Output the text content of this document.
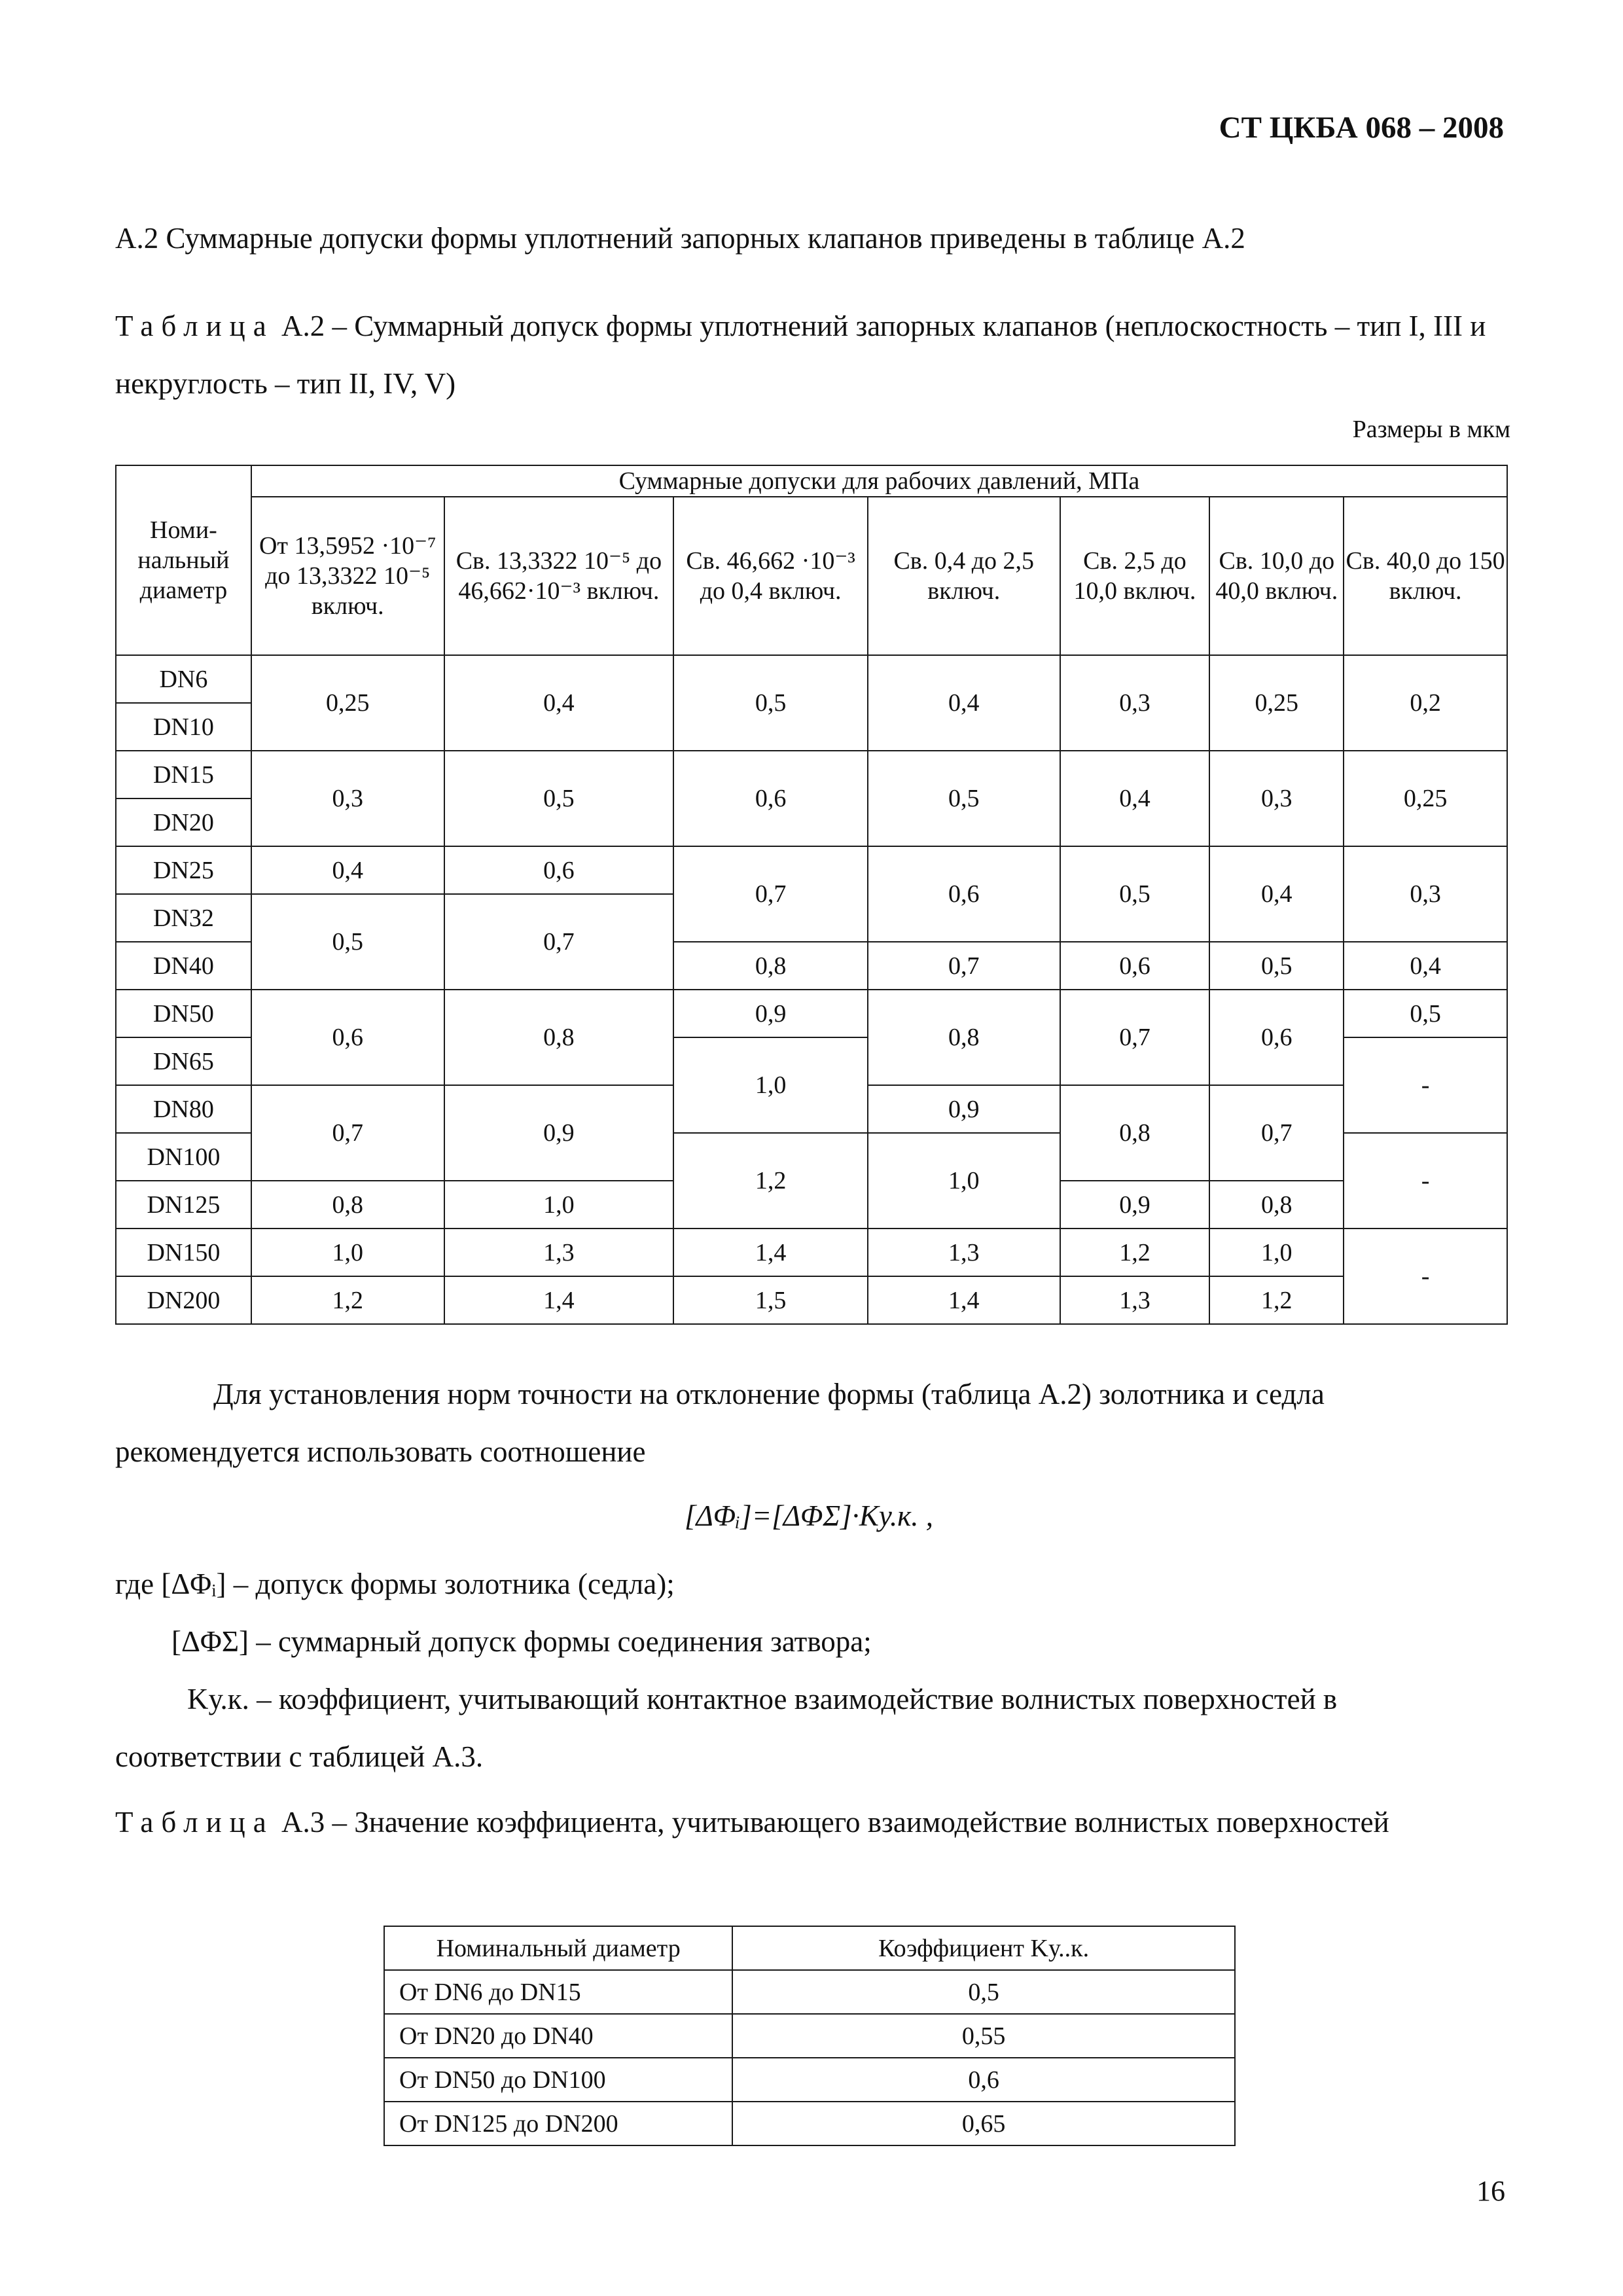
СТ ЦКБА 068 – 2008
А.2 Суммарные допуски формы уплотнений запорных клапанов приведены в таблице А.2
Таблица А.2 – Суммарный допуск формы уплотнений запорных клапанов (неплоскостность – тип I, III и некруглость – тип II, IV, V)
Размеры в мкм
Номи-нальный диаметр	Суммарные допуски для рабочих давлений, МПа						
	От 13,5952 ·10⁻⁷ до 13,3322 10⁻⁵ включ.	Св. 13,3322 10⁻⁵ до 46,662·10⁻³ включ.	Св. 46,662 ·10⁻³ до 0,4 включ.	Св. 0,4 до 2,5 включ.	Св. 2,5 до 10,0 включ.	Св. 10,0 до 40,0 включ.	Св. 40,0 до 150 включ.
DN6	0,25	0,4	0,5	0,4	0,3	0,25	0,2
DN10							
DN15	0,3	0,5	0,6	0,5	0,4	0,3	0,25
DN20							
DN25	0,4	0,6	0,7	0,6	0,5	0,4	0,3
DN32	0,5	0,7					
DN40			0,8	0,7	0,6	0,5	0,4
DN50	0,6	0,8	0,9	0,8	0,7	0,6	0,5
DN65			1,0				-
DN80	0,7	0,9		0,9	0,8	0,7	
DN100			1,2	1,0			-
DN125	0,8	1,0			0,9	0,8	
DN150	1,0	1,3	1,4	1,3	1,2	1,0	-
DN200	1,2	1,4	1,5	1,4	1,3	1,2	
Для установления норм точности на отклонение формы (таблица А.2) золотника и седла рекомендуется использовать соотношение
[ΔΦᵢ]=[ΔΦΣ]·Kу.к. ,
где [ΔΦᵢ] – допуск формы золотника (седла);
[ΔΦΣ] – суммарный допуск формы соединения затвора;
Kу.к. – коэффициент, учитывающий контактное взаимодействие волнистых поверхностей в соответствии с таблицей А.3.
Таблица А.3 – Значение коэффициента, учитывающего взаимодействие волнистых поверхностей
Номинальный диаметр	Коэффициент Kу..к.
От DN6 до DN15	0,5
От DN20 до DN40	0,55
От DN50 до DN100	0,6
От DN125 до DN200	0,65
16
